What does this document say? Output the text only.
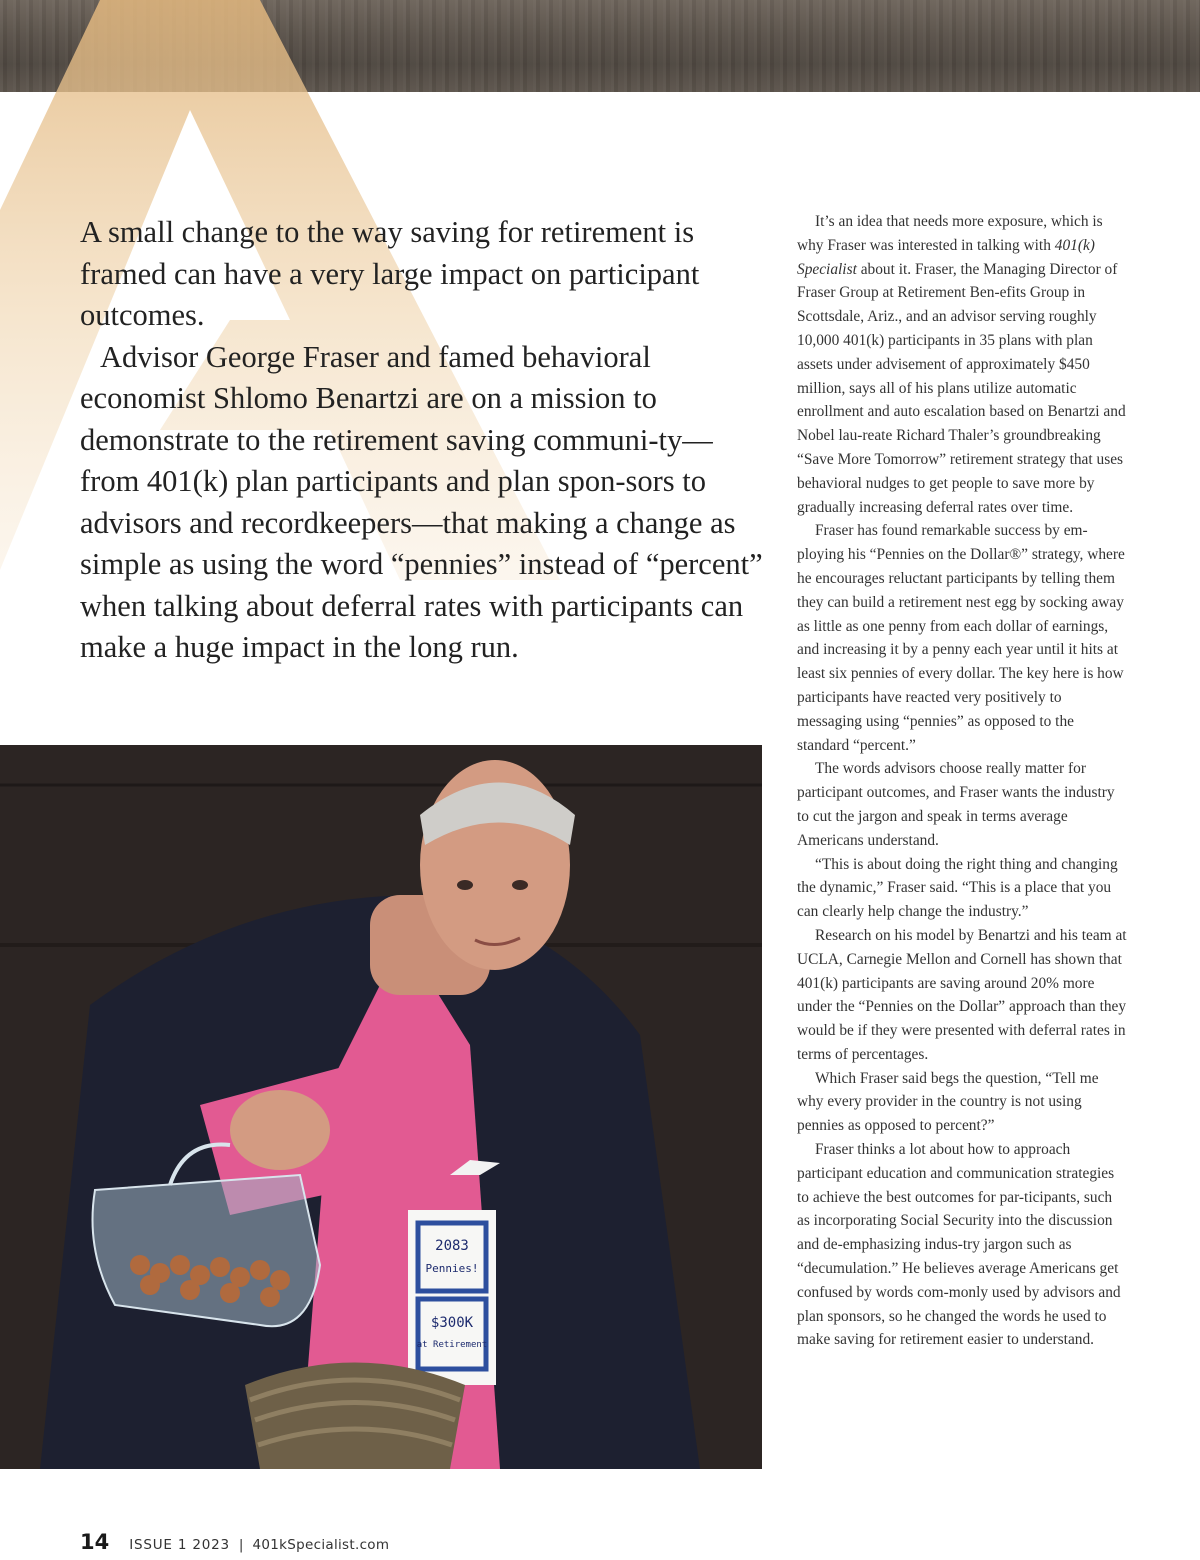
A small change to the way saving for retirement is framed can have a very large impact on participant outcomes.

Advisor George Fraser and famed behavioral economist Shlomo Benartzi are on a mission to demonstrate to the retirement saving communi-ty—from 401(k) plan participants and plan spon-sors to advisors and recordkeepers—that making a change as simple as using the word “pennies” instead of “percent” when talking about deferral rates with participants can make a huge impact in the long run.

2083
Pennies!
$300K
at Retirement

It’s an idea that needs more exposure, which is why Fraser was interested in talking with 401(k) Specialist about it. Fraser, the Managing Director of Fraser Group at Retirement Ben-efits Group in Scottsdale, Ariz., and an advisor serving roughly 10,000 401(k) participants in 35 plans with plan assets under advisement of approximately $450 million, says all of his plans utilize automatic enrollment and auto escalation based on Benartzi and Nobel lau-reate Richard Thaler’s groundbreaking “Save More Tomorrow” retirement strategy that uses behavioral nudges to get people to save more by gradually increasing deferral rates over time.

Fraser has found remarkable success by em-ploying his “Pennies on the Dollar®” strategy, where he encourages reluctant participants by telling them they can build a retirement nest egg by socking away as little as one penny from each dollar of earnings, and increasing it by a penny each year until it hits at least six pennies of every dollar. The key here is how participants have reacted very positively to messaging using “pennies” as opposed to the standard “percent.”

The words advisors choose really matter for participant outcomes, and Fraser wants the industry to cut the jargon and speak in terms average Americans understand.

“This is about doing the right thing and changing the dynamic,” Fraser said. “This is a place that you can clearly help change the industry.”

Research on his model by Benartzi and his team at UCLA, Carnegie Mellon and Cornell has shown that 401(k) participants are saving around 20% more under the “Pennies on the Dollar” approach than they would be if they were presented with deferral rates in terms of percentages.

Which Fraser said begs the question, “Tell me why every provider in the country is not using pennies as opposed to percent?”

Fraser thinks a lot about how to approach participant education and communication strategies to achieve the best outcomes for par-ticipants, such as incorporating Social Security into the discussion and de-emphasizing indus-try jargon such as “decumulation.” He believes average Americans get confused by words com-monly used by advisors and plan sponsors, so he changed the words he used to make saving for retirement easier to understand.

14 ISSUE 1 2023 | 401kSpecialist.com
